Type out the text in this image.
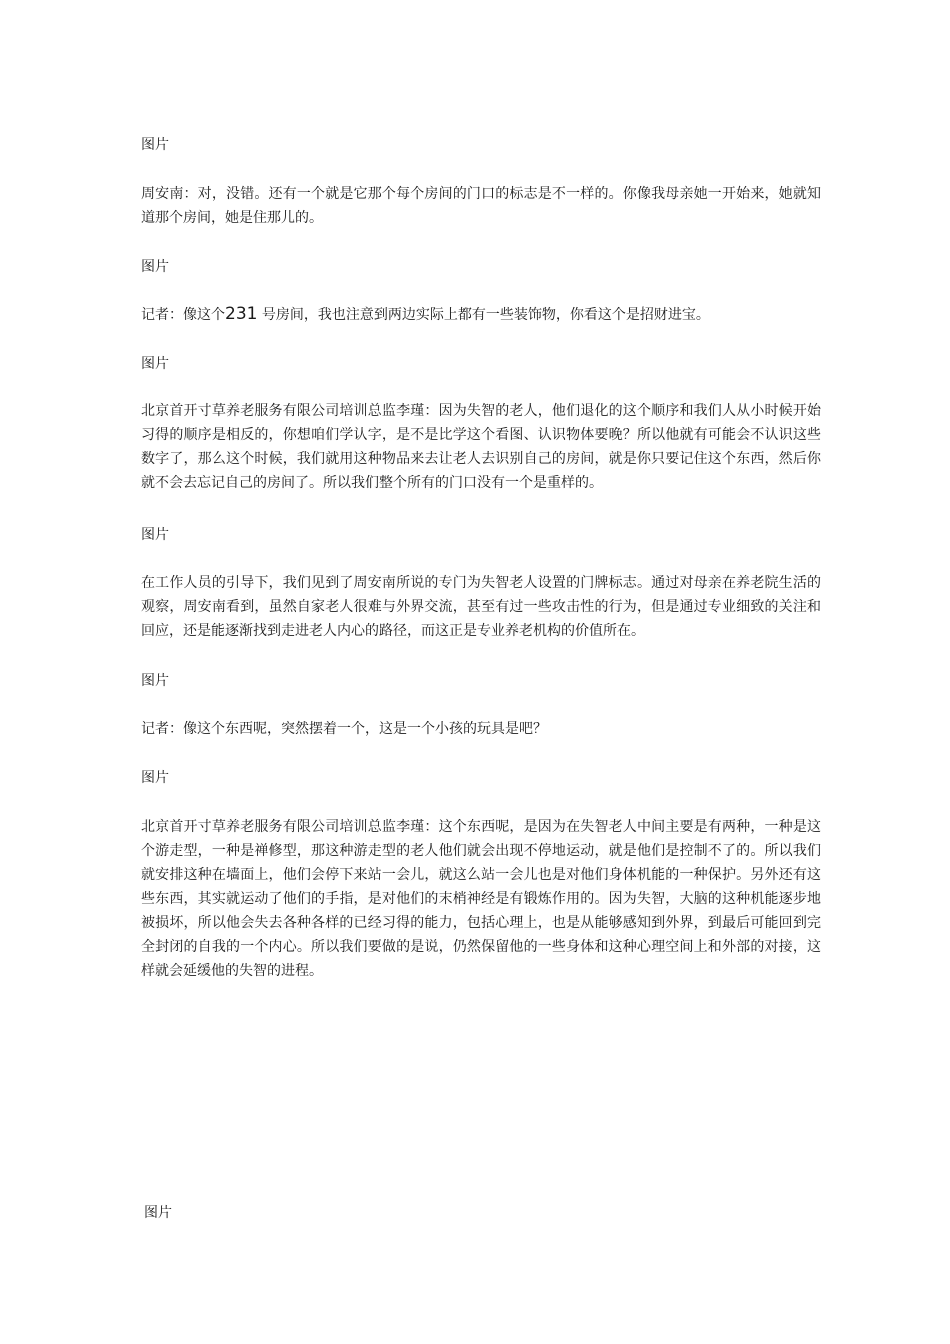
图片

周安南：对，没错。还有一个就是它那个每个房间的门口的标志是不一样的。你像我母亲她一开始来，她就知道那个房间，她是住那儿的。

图片

记者：像这个231 号房间，我也注意到两边实际上都有一些装饰物，你看这个是招财进宝。

图片

北京首开寸草养老服务有限公司培训总监李瑾：因为失智的老人，他们退化的这个顺序和我们人从小时候开始习得的顺序是相反的，你想咱们学认字，是不是比学这个看图、认识物体要晚？所以他就有可能会不认识这些数字了，那么这个时候，我们就用这种物品来去让老人去识别自己的房间，就是你只要记住这个东西，然后你就不会去忘记自己的房间了。所以我们整个所有的门口没有一个是重样的。

图片

在工作人员的引导下，我们见到了周安南所说的专门为失智老人设置的门牌标志。通过对母亲在养老院生活的观察，周安南看到，虽然自家老人很难与外界交流，甚至有过一些攻击性的行为，但是通过专业细致的关注和回应，还是能逐渐找到走进老人内心的路径，而这正是专业养老机构的价值所在。

图片

记者：像这个东西呢，突然摆着一个，这是一个小孩的玩具是吧？

图片

北京首开寸草养老服务有限公司培训总监李瑾：这个东西呢，是因为在失智老人中间主要是有两种，一种是这个游走型，一种是禅修型，那这种游走型的老人他们就会出现不停地运动，就是他们是控制不了的。所以我们就安排这种在墙面上，他们会停下来站一会儿，就这么站一会儿也是对他们身体机能的一种保护。另外还有这些东西，其实就运动了他们的手指，是对他们的末梢神经是有锻炼作用的。因为失智，大脑的这种机能逐步地被损坏，所以他会失去各种各样的已经习得的能力，包括心理上，也是从能够感知到外界，到最后可能回到完全封闭的自我的一个内心。所以我们要做的是说，仍然保留他的一些身体和这种心理空间上和外部的对接，这样就会延缓他的失智的进程。

图片
